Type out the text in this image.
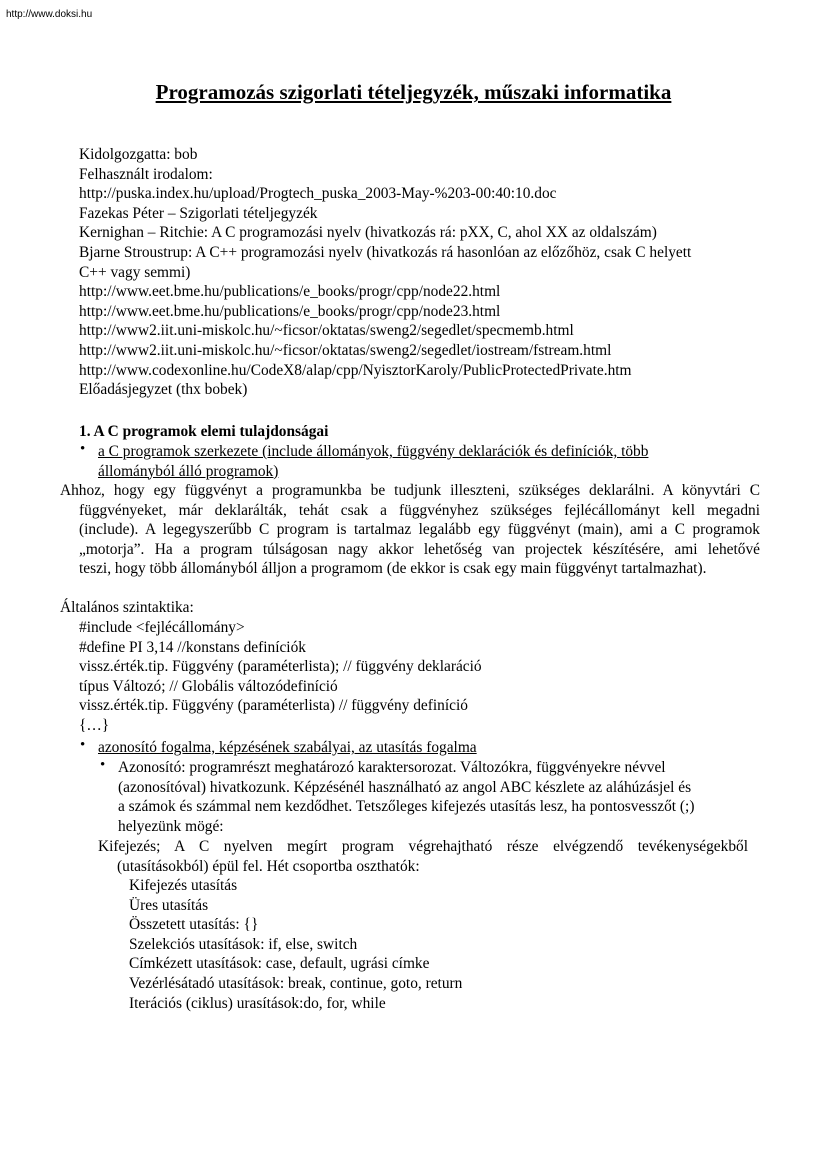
http://www.doksi.hu
Programozás szigorlati tételjegyzék, műszaki informatika
Kidolgozgatta: bob
Felhasznált irodalom:
http://puska.index.hu/upload/Progtech_puska_2003-May-%203-00:40:10.doc
Fazekas Péter – Szigorlati tételjegyzék
Kernighan – Ritchie: A C programozási nyelv (hivatkozás rá: pXX, C, ahol XX az oldalszám)
Bjarne Stroustrup: A C++ programozási nyelv (hivatkozás rá hasonlóan az előzőhöz, csak C helyett
C++ vagy semmi)
http://www.eet.bme.hu/publications/e_books/progr/cpp/node22.html
http://www.eet.bme.hu/publications/e_books/progr/cpp/node23.html
http://www2.iit.uni-miskolc.hu/~ficsor/oktatas/sweng2/segedlet/specmemb.html
http://www2.iit.uni-miskolc.hu/~ficsor/oktatas/sweng2/segedlet/iostream/fstream.html
http://www.codexonline.hu/CodeX8/alap/cpp/NyisztorKaroly/PublicProtectedPrivate.htm
Előadásjegyzet (thx bobek)
1. A C programok elemi tulajdonságai
• a C programok szerkezete (include állományok, függvény deklarációk és definíciók, több
állományból álló programok)
Ahhoz, hogy egy függvényt a programunkba be tudjunk illeszteni, szükséges deklarálni. A könyvtári C
függvényeket, már deklarálták, tehát csak a függvényhez szükséges fejlécállományt kell megadni
(include). A legegyszerűbb C program is tartalmaz legalább egy függvényt (main), ami a C programok
„motorja”. Ha a program túlságosan nagy akkor lehetőség van projectek készítésére, ami lehetővé
teszi, hogy több állományból álljon a programom (de ekkor is csak egy main függvényt tartalmazhat).
Általános szintaktika:
#include <fejlécállomány>
#define PI 3,14 //konstans definíciók
vissz.érték.tip. Függvény (paraméterlista); // függvény deklaráció
típus Változó; // Globális változódefiníció
vissz.érték.tip. Függvény (paraméterlista) // függvény definíció
{…}
• azonosító fogalma, képzésének szabályai, az utasítás fogalma
• Azonosító: programrészt meghatározó karaktersorozat. Változókra, függvényekre névvel
(azonosítóval) hivatkozunk. Képzésénél használható az angol ABC készlete az aláhúzásjel és
a számok és számmal nem kezdődhet. Tetszőleges kifejezés utasítás lesz, ha pontosvesszőt (;)
helyezünk mögé:
Kifejezés; A C nyelven megírt program végrehajtható része elvégzendő tevékenységekből
(utasításokból) épül fel. Hét csoportba oszthatók:
Kifejezés utasítás
Üres utasítás
Összetett utasítás: {}
Szelekciós utasítások: if, else, switch
Címkézett utasítások: case, default, ugrási címke
Vezérlésátadó utasítások: break, continue, goto, return
Iterációs (ciklus) urasítások:do, for, while
